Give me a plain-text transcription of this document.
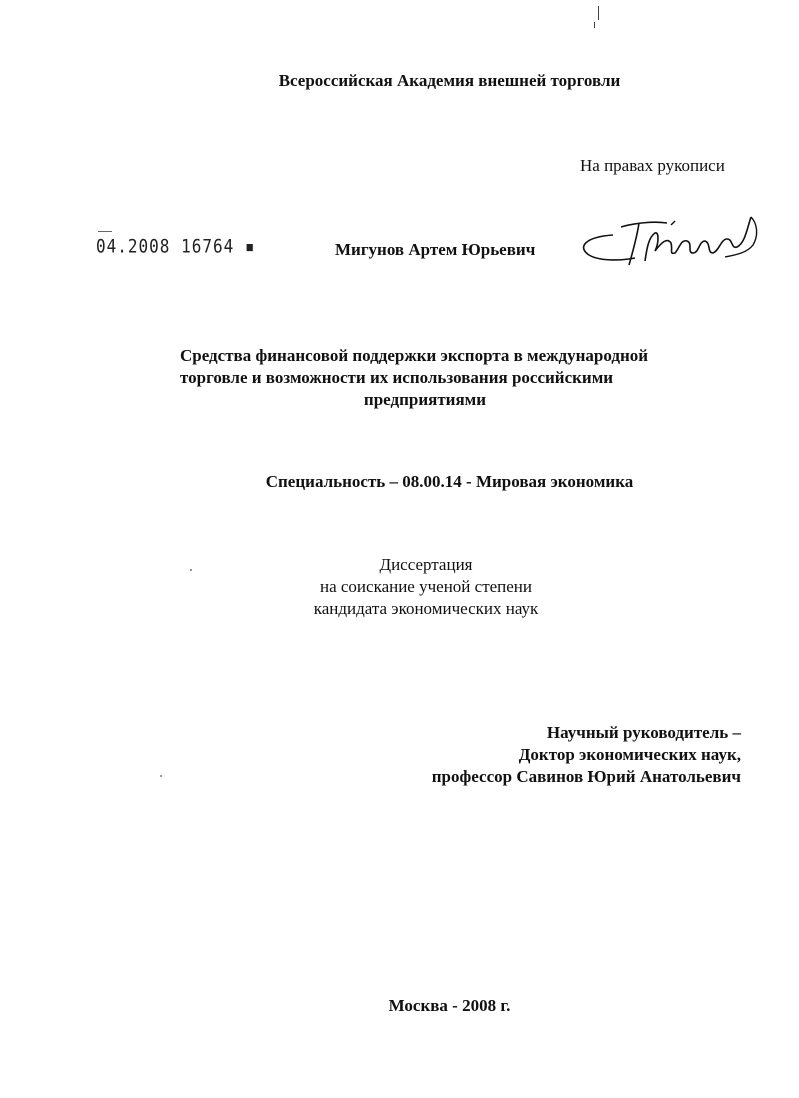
Всероссийская Академия внешней торговли
На правах рукописи
04.2008 16764 ▪	Мигунов Артем Юрьевич
Средства финансовой поддержки экспорта в международной
торговле и возможности их использования российскими
предприятиями
Специальность – 08.00.14 - Мировая экономика
Диссертация
на соискание ученой степени
кандидата экономических наук
Научный руководитель –
Доктор экономических наук,
профессор Савинов Юрий Анатольевич
Москва - 2008 г.
